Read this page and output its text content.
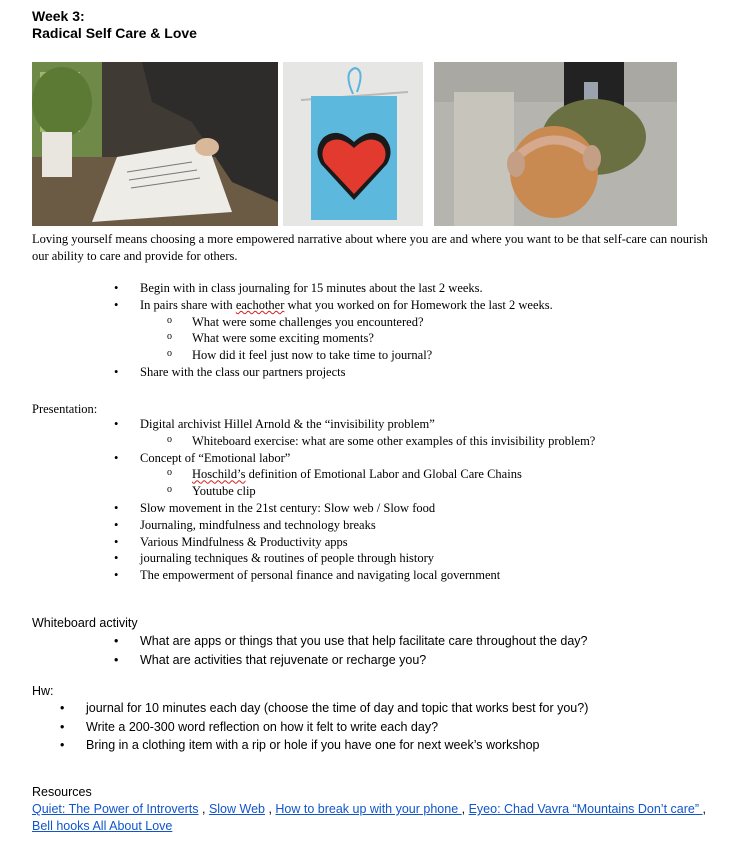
Week 3:
Radical Self Care & Love
Loving yourself means choosing a more empowered narrative about where you are and where you want to be that self-care can nourish our ability to care and provide for others.
• Begin with in class journaling for 15 minutes about the last 2 weeks.
• In pairs share with eachother what you worked on for Homework the last 2 weeks.
o What were some challenges you encountered?
o What were some exciting moments?
o How did it feel just now to take time to journal?
• Share with the class our partners projects
Presentation:
• Digital archivist Hillel Arnold & the “invisibility problem”
o Whiteboard exercise: what are some other examples of this invisibility problem?
• Concept of “Emotional labor”
o Hoschild’s definition of Emotional Labor and Global Care Chains
o Youtube clip
• Slow movement in the 21st century: Slow web / Slow food
• Journaling, mindfulness and technology breaks
• Various Mindfulness & Productivity apps
• journaling techniques & routines of people through history
• The empowerment of personal finance and navigating local government
Whiteboard activity
• What are apps or things that you use that help facilitate care throughout the day?
• What are activities that rejuvenate or recharge you?
Hw:
• journal for 10 minutes each day (choose the time of day and topic that works best for you?)
• Write a 200-300 word reflection on how it felt to write each day?
• Bring in a clothing item with a rip or hole if you have one for next week’s workshop
Resources
Quiet: The Power of Introverts , Slow Web , How to break up with your phone , Eyeo: Chad Vavra “Mountains Don’t care” ,
Bell hooks All About Love
